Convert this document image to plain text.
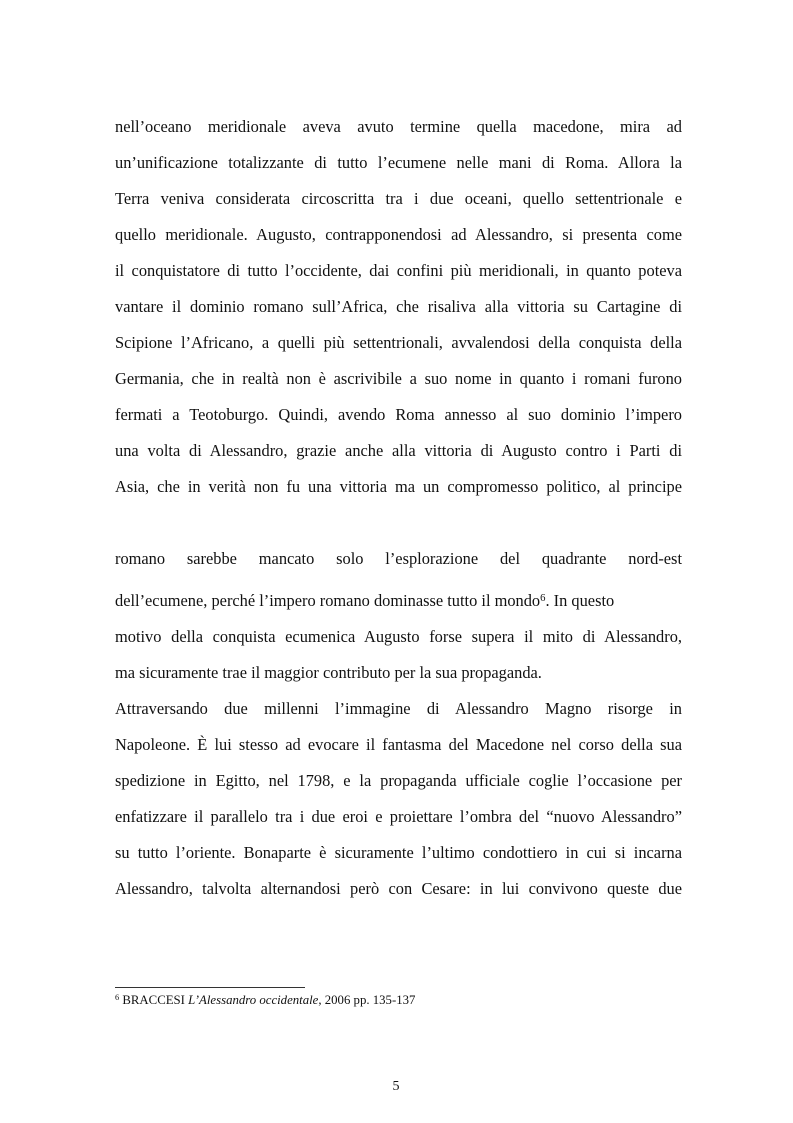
nell’oceano meridionale aveva avuto termine quella macedone, mira ad
un’unificazione totalizzante di tutto l’ecumene nelle mani di Roma. Allora la
Terra veniva considerata circoscritta tra i due oceani, quello settentrionale e
quello meridionale. Augusto, contrapponendosi ad Alessandro, si presenta come
il conquistatore di tutto l’occidente, dai confini più meridionali, in quanto poteva
vantare il dominio romano sull’Africa, che risaliva alla vittoria su Cartagine di
Scipione l’Africano, a quelli più settentrionali, avvalendosi della conquista della
Germania, che in realtà non è ascrivibile a suo nome in quanto i romani furono
fermati a Teotoburgo. Quindi, avendo Roma annesso al suo dominio l’impero
una volta di Alessandro, grazie anche alla vittoria di Augusto contro i Parti di
Asia, che in verità non fu una vittoria ma un compromesso politico, al principe
romano sarebbe mancato solo l’esplorazione del quadrante nord-est
dell’ecumene, perché l’impero romano dominasse tutto il mondo$^6$. In questo
motivo della conquista ecumenica Augusto forse supera il mito di Alessandro,
ma sicuramente trae il maggior contributo per la sua propaganda.
Attraversando due millenni l’immagine di Alessandro Magno risorge in
Napoleone. È lui stesso ad evocare il fantasma del Macedone nel corso della sua
spedizione in Egitto, nel 1798, e la propaganda ufficiale coglie l’occasione per
enfatizzare il parallelo tra i due eroi e proiettare l’ombra del “nuovo Alessandro”
su tutto l’oriente. Bonaparte è sicuramente l’ultimo condottiero in cui si incarna
Alessandro, talvolta alternandosi però con Cesare: in lui convivono queste due
$^6$ BRACCESI L’Alessandro occidentale, 2006 pp. 135-137
5
